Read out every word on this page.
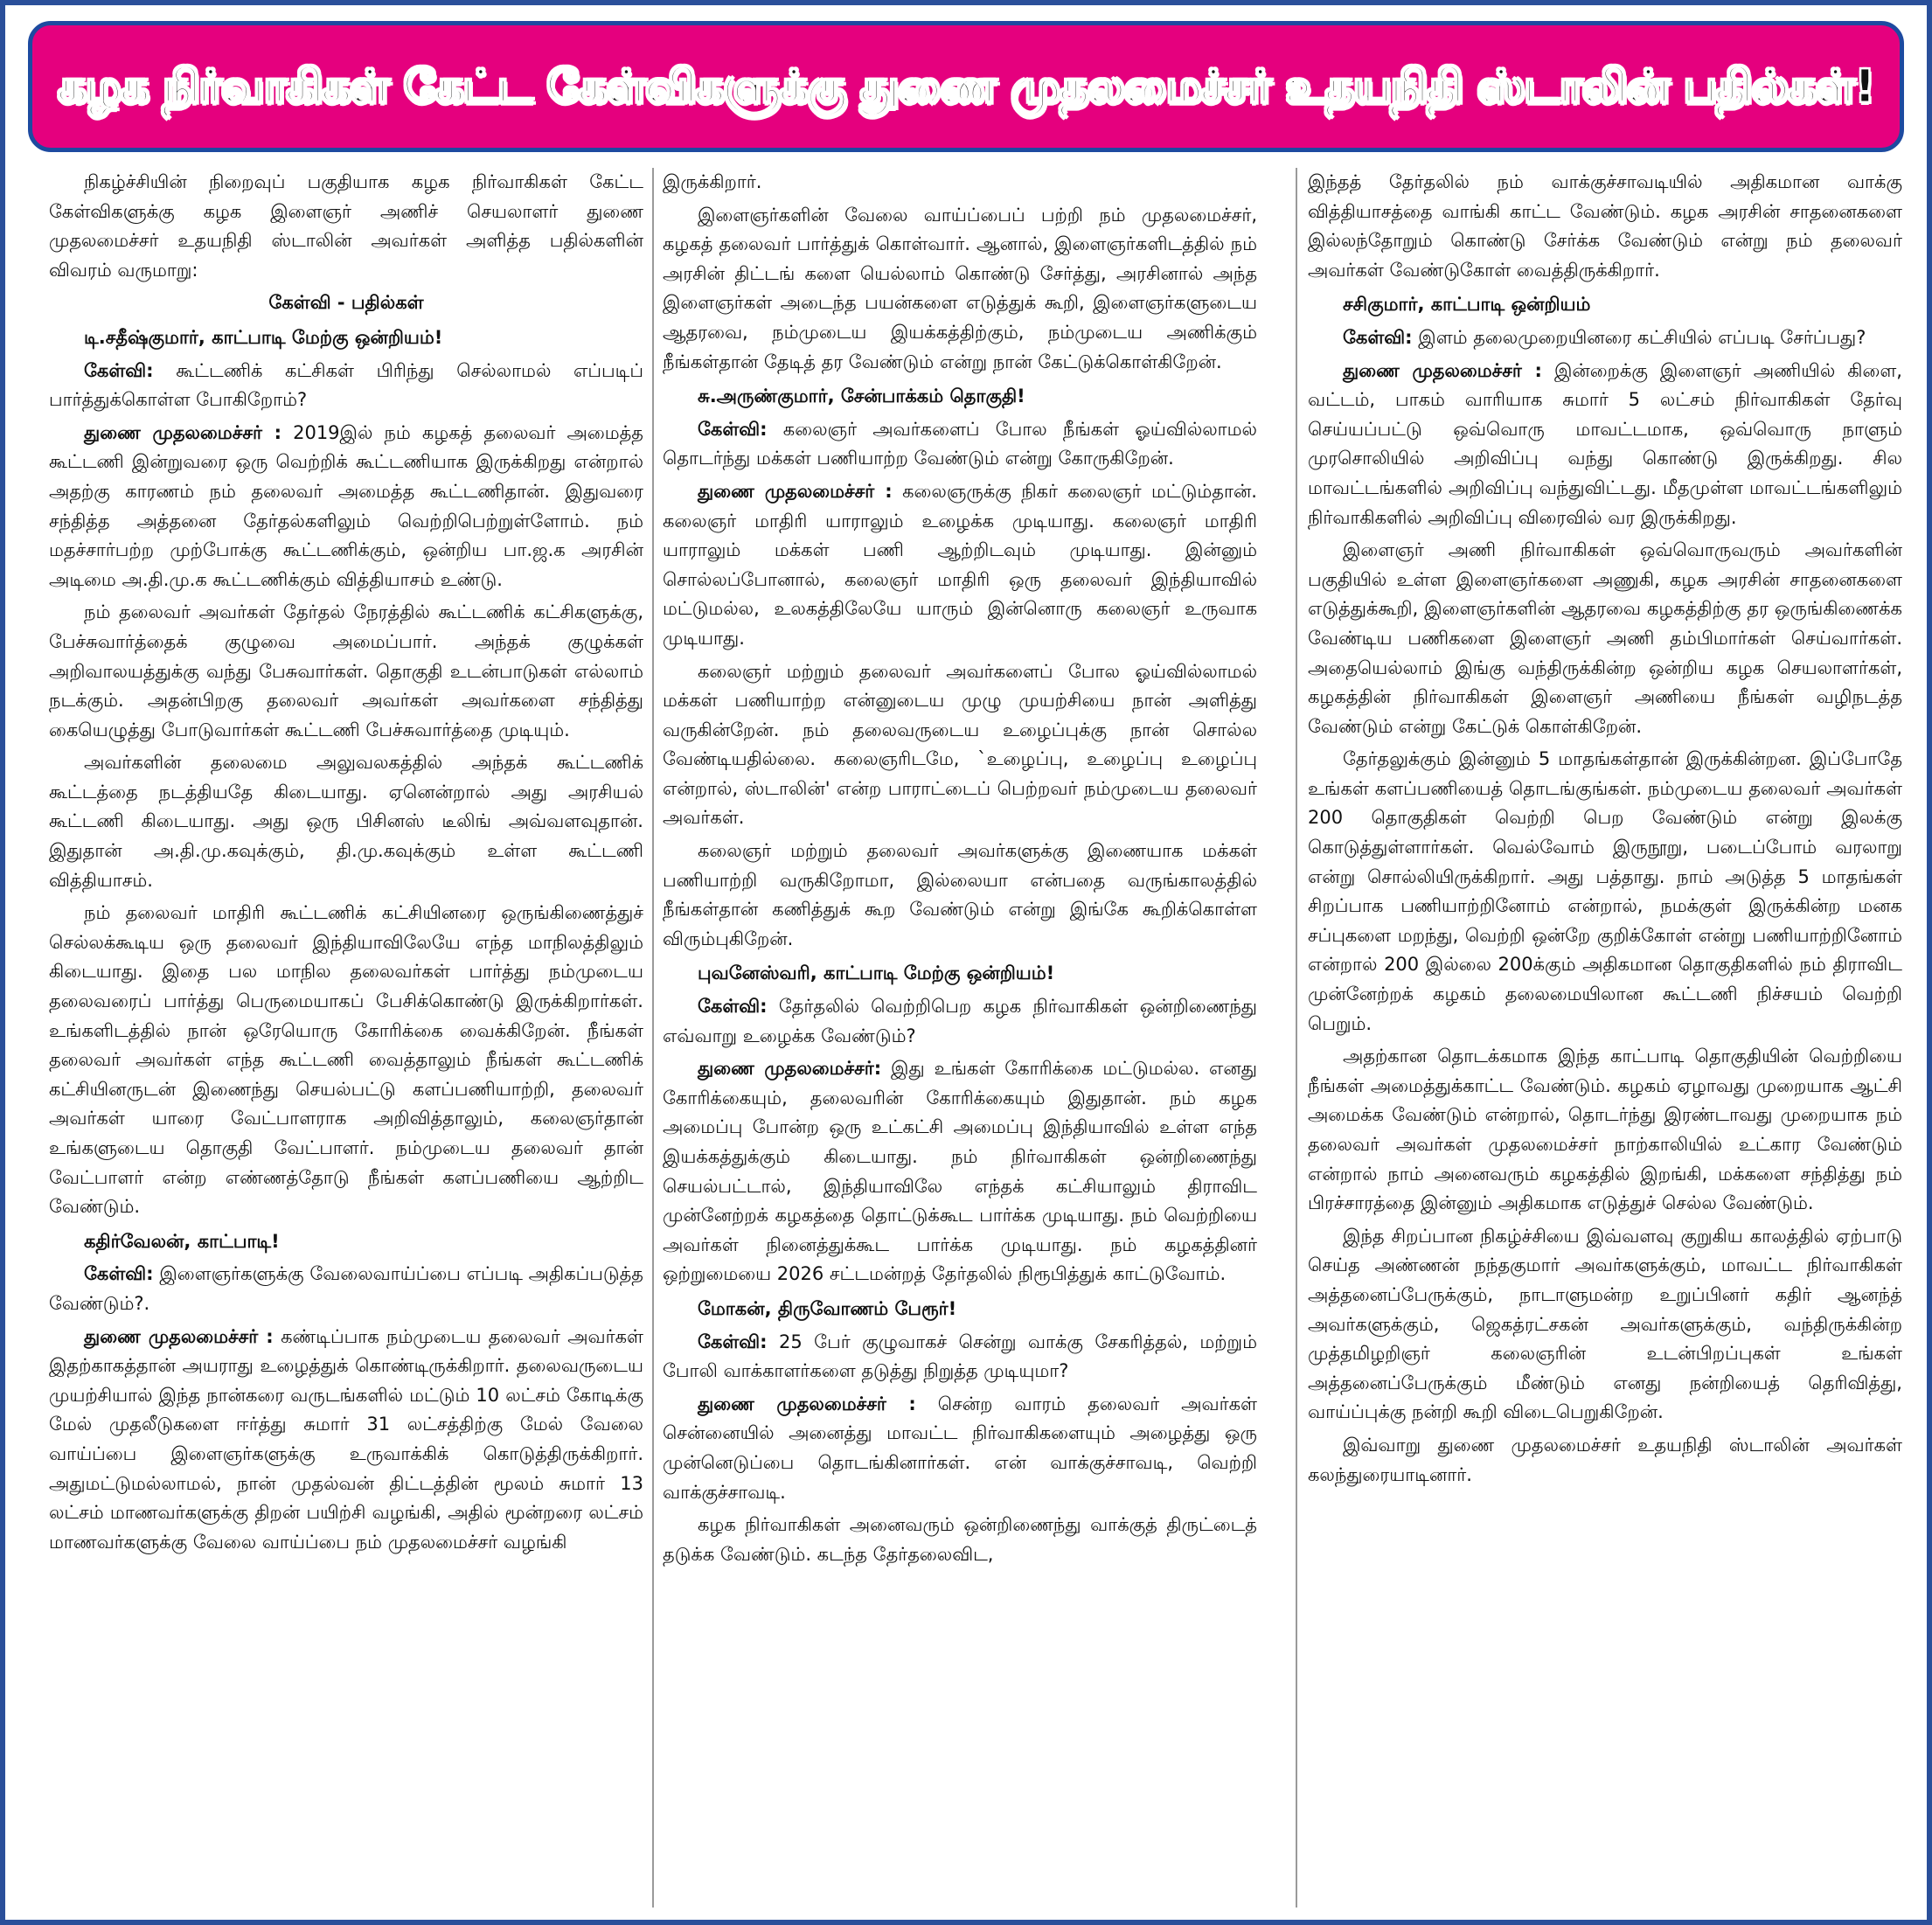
கழக நிர்வாகிகள் கேட்ட கேள்விகளுக்கு துணை முதலமைச்சர் உதயநிதி ஸ்டாலின் பதில்கள்!

நிகழ்ச்சியின் நிறைவுப் பகுதியாக கழக நிர்வாகிகள் கேட்ட கேள்விகளுக்கு கழக இளைஞர் அணிச் செயலாளர் துணை முதலமைச்சர் உதயநிதி ஸ்டாலின் அவர்கள் அளித்த பதில்களின் விவரம் வருமாறு:

கேள்வி - பதில்கள்

டி.சதீஷ்குமார், காட்பாடி மேற்கு ஒன்றியம்!

கேள்வி: கூட்டணிக் கட்சிகள் பிரிந்து செல்லாமல் எப்படிப் பார்த்துக்கொள்ள போகிறோம்?

துணை முதலமைச்சர் : 2019இல் நம் கழகத் தலைவர் அமைத்த கூட்டணி இன்றுவரை ஒரு வெற்றிக் கூட்டணியாக இருக்கிறது என்றால் அதற்கு காரணம் நம் தலைவர் அமைத்த கூட்டணிதான். இதுவரை சந்தித்த அத்தனை தேர்தல்களிலும் வெற்றிபெற்றுள்ளோம். நம் மதச்சார்பற்ற முற்போக்கு கூட்டணிக்கும், ஒன்றிய பா.ஜ.க அரசின் அடிமை அ.தி.மு.க கூட்டணிக்கும் வித்தியாசம் உண்டு.

நம் தலைவர் அவர்கள் தேர்தல் நேரத்தில் கூட்டணிக் கட்சிகளுக்கு, பேச்சுவார்த்தைக் குழுவை அமைப்பார். அந்தக் குழுக்கள் அறிவாலயத்துக்கு வந்து பேசுவார்கள். தொகுதி உடன்பாடுகள் எல்லாம் நடக்கும். அதன்பிறகு தலைவர் அவர்கள் அவர்களை சந்தித்து கையெழுத்து போடுவார்கள் கூட்டணி பேச்சுவார்த்தை முடியும்.

அவர்களின் தலைமை அலுவலகத்தில் அந்தக் கூட்டணிக் கூட்டத்தை நடத்தியதே கிடையாது. ஏனென்றால் அது அரசியல் கூட்டணி கிடையாது. அது ஒரு பிசினஸ் டீலிங் அவ்வளவுதான். இதுதான் அ.தி.மு.கவுக்கும், தி.மு.கவுக்கும் உள்ள கூட்டணி வித்தியாசம்.

நம் தலைவர் மாதிரி கூட்டணிக் கட்சியினரை ஒருங்கிணைத்துச் செல்லக்கூடிய ஒரு தலைவர் இந்தியாவிலேயே எந்த மாநிலத்திலும் கிடையாது. இதை பல மாநில தலைவர்கள் பார்த்து நம்முடைய தலைவரைப் பார்த்து பெருமையாகப் பேசிக்கொண்டு இருக்கிறார்கள். உங்களிடத்தில் நான் ஒரேயொரு கோரிக்கை வைக்கிறேன். நீங்கள் தலைவர் அவர்கள் எந்த கூட்டணி வைத்தாலும் நீங்கள் கூட்டணிக் கட்சியினருடன் இணைந்து செயல்பட்டு களப்பணியாற்றி, தலைவர் அவர்கள் யாரை வேட்பாளராக அறிவித்தாலும், கலைஞர்தான் உங்களுடைய தொகுதி வேட்பாளர். நம்முடைய தலைவர் தான் வேட்பாளர் என்ற எண்ணத்தோடு நீங்கள் களப்பணியை ஆற்றிட வேண்டும்.

கதிர்வேலன், காட்பாடி!

கேள்வி: இளைஞர்களுக்கு வேலைவாய்ப்பை எப்படி அதிகப்படுத்த வேண்டும்?.

துணை முதலமைச்சர் : கண்டிப்பாக நம்முடைய தலைவர் அவர்கள் இதற்காகத்தான் அயராது உழைத்துக் கொண்டிருக்கிறார். தலைவருடைய முயற்சியால் இந்த நான்கரை வருடங்களில் மட்டும் 10 லட்சம் கோடிக்கு மேல் முதலீடுகளை ஈர்த்து சுமார் 31 லட்சத்திற்கு மேல் வேலை வாய்ப்பை இளைஞர்களுக்கு உருவாக்கிக் கொடுத்திருக்கிறார். அதுமட்டுமல்லாமல், நான் முதல்வன் திட்டத்தின் மூலம் சுமார் 13 லட்சம் மாணவர்களுக்கு திறன் பயிற்சி வழங்கி, அதில் மூன்றரை லட்சம் மாணவர்களுக்கு வேலை வாய்ப்பை நம் முதலமைச்சர் வழங்கி

இருக்கிறார்.

இளைஞர்களின் வேலை வாய்ப்பைப் பற்றி நம் முதலமைச்சர், கழகத் தலைவர் பார்த்துக் கொள்வார். ஆனால், இளைஞர்களிடத்தில் நம் அரசின் திட்டங் களை யெல்லாம் கொண்டு சேர்த்து, அரசினால் அந்த இளைஞர்கள் அடைந்த பயன்களை எடுத்துக் கூறி, இளைஞர்களுடைய ஆதரவை, நம்முடைய இயக்கத்திற்கும், நம்முடைய அணிக்கும் நீங்கள்தான் தேடித் தர வேண்டும் என்று நான் கேட்டுக்கொள்கிறேன்.

சு.அருண்குமார், சேன்பாக்கம் தொகுதி!

கேள்வி: கலைஞர் அவர்களைப் போல நீங்கள் ஓய்வில்லாமல் தொடர்ந்து மக்கள் பணியாற்ற வேண்டும் என்று கோருகிறேன்.

துணை முதலமைச்சர் : கலைஞருக்கு நிகர் கலைஞர் மட்டும்தான். கலைஞர் மாதிரி யாராலும் உழைக்க முடியாது. கலைஞர் மாதிரி யாராலும் மக்கள் பணி ஆற்றிடவும் முடியாது. இன்னும் சொல்லப்போனால், கலைஞர் மாதிரி ஒரு தலைவர் இந்தியாவில் மட்டுமல்ல, உலகத்திலேயே யாரும் இன்னொரு கலைஞர் உருவாக முடியாது.

கலைஞர் மற்றும் தலைவர் அவர்களைப் போல ஓய்வில்லாமல் மக்கள் பணியாற்ற என்னுடைய முழு முயற்சியை நான் அளித்து வருகின்றேன். நம் தலைவருடைய உழைப்புக்கு நான் சொல்ல வேண்டியதில்லை. கலைஞரிடமே, `உழைப்பு, உழைப்பு உழைப்பு என்றால், ஸ்டாலின்' என்ற பாராட்டைப் பெற்றவர் நம்முடைய தலைவர் அவர்கள்.

கலைஞர் மற்றும் தலைவர் அவர்களுக்கு இணையாக மக்கள் பணியாற்றி வருகிறோமா, இல்லையா என்பதை வருங்காலத்தில் நீங்கள்தான் கணித்துக் கூற வேண்டும் என்று இங்கே கூறிக்கொள்ள விரும்புகிறேன்.

புவனேஸ்வரி, காட்பாடி மேற்கு ஒன்றியம்!

கேள்வி: தேர்தலில் வெற்றிபெற கழக நிர்வாகிகள் ஒன்றிணைந்து எவ்வாறு உழைக்க வேண்டும்?

துணை முதலமைச்சர்: இது உங்கள் கோரிக்கை மட்டுமல்ல. எனது கோரிக்கையும், தலைவரின் கோரிக்கையும் இதுதான். நம் கழக அமைப்பு போன்ற ஒரு உட்கட்சி அமைப்பு இந்தியாவில் உள்ள எந்த இயக்கத்துக்கும் கிடையாது. நம் நிர்வாகிகள் ஒன்றிணைந்து செயல்பட்டால், இந்தியாவிலே எந்தக் கட்சியாலும் திராவிட முன்னேற்றக் கழகத்தை தொட்டுக்கூட பார்க்க முடியாது. நம் வெற்றியை அவர்கள் நினைத்துக்கூட பார்க்க முடியாது. நம் கழகத்தினர் ஒற்றுமையை 2026 சட்டமன்றத் தேர்தலில் நிரூபித்துக் காட்டுவோம்.

மோகன், திருவோணம் பேரூர்!

கேள்வி: 25 பேர் குழுவாகச் சென்று வாக்கு சேகரித்தல், மற்றும் போலி வாக்காளர்களை தடுத்து நிறுத்த முடியுமா?

துணை முதலமைச்சர் : சென்ற வாரம் தலைவர் அவர்கள் சென்னையில் அனைத்து மாவட்ட நிர்வாகிகளையும் அழைத்து ஒரு முன்னெடுப்பை தொடங்கினார்கள். என் வாக்குச்சாவடி, வெற்றி வாக்குச்சாவடி.

கழக நிர்வாகிகள் அனைவரும் ஒன்றிணைந்து வாக்குத் திருட்டைத் தடுக்க வேண்டும். கடந்த தேர்தலைவிட,

இந்தத் தேர்தலில் நம் வாக்குச்சாவடியில் அதிகமான வாக்கு வித்தியாசத்தை வாங்கி காட்ட வேண்டும். கழக அரசின் சாதனைகளை இல்லந்தோறும் கொண்டு சேர்க்க வேண்டும் என்று நம் தலைவர் அவர்கள் வேண்டுகோள் வைத்திருக்கிறார்.

சசிகுமார், காட்பாடி ஒன்றியம்

கேள்வி: இளம் தலைமுறையினரை கட்சியில் எப்படி சேர்ப்பது?

துணை முதலமைச்சர் : இன்றைக்கு இளைஞர் அணியில் கிளை, வட்டம், பாகம் வாரியாக சுமார் 5 லட்சம் நிர்வாகிகள் தேர்வு செய்யப்பட்டு ஒவ்வொரு மாவட்டமாக, ஒவ்வொரு நாளும் முரசொலியில் அறிவிப்பு வந்து கொண்டு இருக்கிறது. சில மாவட்டங்களில் அறிவிப்பு வந்துவிட்டது. மீதமுள்ள மாவட்டங்களிலும் நிர்வாகிகளில் அறிவிப்பு விரைவில் வர இருக்கிறது.

இளைஞர் அணி நிர்வாகிகள் ஒவ்வொருவரும் அவர்களின் பகுதியில் உள்ள இளைஞர்களை அணுகி, கழக அரசின் சாதனைகளை எடுத்துக்கூறி, இளைஞர்களின் ஆதரவை கழகத்திற்கு தர ஒருங்கிணைக்க வேண்டிய பணிகளை இளைஞர் அணி தம்பிமார்கள் செய்வார்கள். அதையெல்லாம் இங்கு வந்திருக்கின்ற ஒன்றிய கழக செயலாளர்கள், கழகத்தின் நிர்வாகிகள் இளைஞர் அணியை நீங்கள் வழிநடத்த வேண்டும் என்று கேட்டுக் கொள்கிறேன்.

தேர்தலுக்கும் இன்னும் 5 மாதங்கள்தான் இருக்கின்றன. இப்போதே உங்கள் களப்பணியைத் தொடங்குங்கள். நம்முடைய தலைவர் அவர்கள் 200 தொகுதிகள் வெற்றி பெற வேண்டும் என்று இலக்கு கொடுத்துள்ளார்கள். வெல்வோம் இருநூறு, படைப்போம் வரலாறு என்று சொல்லியிருக்கிறார். அது பத்தாது. நாம் அடுத்த 5 மாதங்கள் சிறப்பாக பணியாற்றினோம் என்றால், நமக்குள் இருக்கின்ற மனக சப்புகளை மறந்து, வெற்றி ஒன்றே குறிக்கோள் என்று பணியாற்றினோம் என்றால் 200 இல்லை 200க்கும் அதிகமான தொகுதிகளில் நம் திராவிட முன்னேற்றக் கழகம் தலைமையிலான கூட்டணி நிச்சயம் வெற்றி பெறும்.

அதற்கான தொடக்கமாக இந்த காட்பாடி தொகுதியின் வெற்றியை நீங்கள் அமைத்துக்காட்ட வேண்டும். கழகம் ஏழாவது முறையாக ஆட்சி அமைக்க வேண்டும் என்றால், தொடர்ந்து இரண்டாவது முறையாக நம் தலைவர் அவர்கள் முதலமைச்சர் நாற்காலியில் உட்கார வேண்டும் என்றால் நாம் அனைவரும் கழகத்தில் இறங்கி, மக்களை சந்தித்து நம் பிரச்சாரத்தை இன்னும் அதிகமாக எடுத்துச் செல்ல வேண்டும்.

இந்த சிறப்பான நிகழ்ச்சியை இவ்வளவு குறுகிய காலத்தில் ஏற்பாடு செய்த அண்ணன் நந்தகுமார் அவர்களுக்கும், மாவட்ட நிர்வாகிகள் அத்தனைப்பேருக்கும், நாடாளுமன்ற உறுப்பினர் கதிர் ஆனந்த் அவர்களுக்கும், ஜெகத்ரட்சகன் அவர்களுக்கும், வந்திருக்கின்ற முத்தமிழறிஞர் கலைஞரின் உடன்பிறப்புகள் உங்கள் அத்தனைப்பேருக்கும் மீண்டும் எனது நன்றியைத் தெரிவித்து, வாய்ப்புக்கு நன்றி கூறி விடைபெறுகிறேன்.

இவ்வாறு துணை முதலமைச்சர் உதயநிதி ஸ்டாலின் அவர்கள் கலந்துரையாடினார்.
